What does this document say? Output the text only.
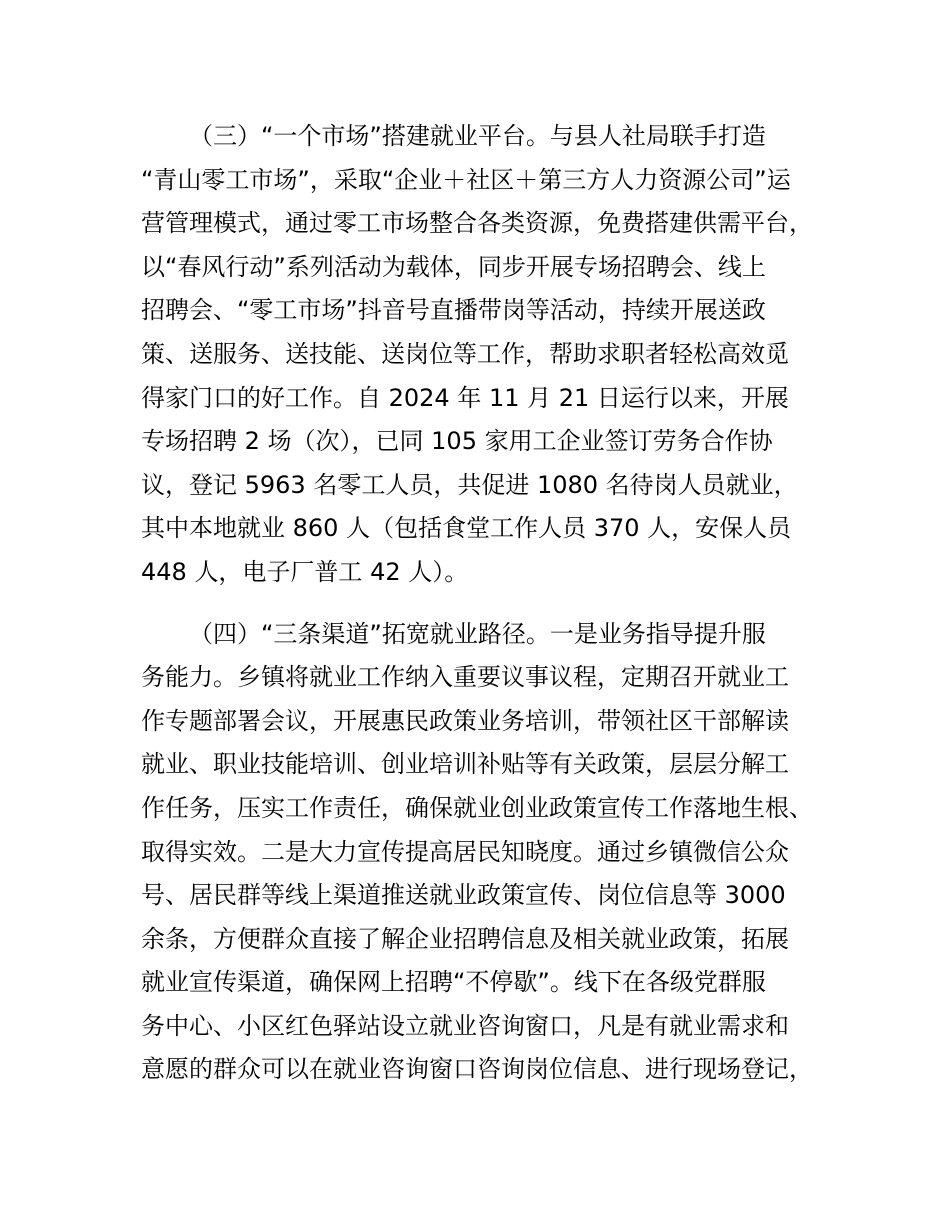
（三）“一个市场”搭建就业平台。与县人社局联手打造
“青山零工市场”，采取“企业＋社区＋第三方人力资源公司”运
营管理模式，通过零工市场整合各类资源，免费搭建供需平台，
以“春风行动”系列活动为载体，同步开展专场招聘会、线上
招聘会、“零工市场”抖音号直播带岗等活动，持续开展送政
策、送服务、送技能、送岗位等工作，帮助求职者轻松高效觅
得家门口的好工作。自 2024 年 11 月 21 日运行以来，开展
专场招聘 2 场（次），已同 105 家用工企业签订劳务合作协
议，登记 5963 名零工人员，共促进 1080 名待岗人员就业，
其中本地就业 860 人（包括食堂工作人员 370 人，安保人员
448 人，电子厂普工 42 人）。
（四）“三条渠道”拓宽就业路径。一是业务指导提升服
务能力。乡镇将就业工作纳入重要议事议程，定期召开就业工
作专题部署会议，开展惠民政策业务培训，带领社区干部解读
就业、职业技能培训、创业培训补贴等有关政策，层层分解工
作任务，压实工作责任，确保就业创业政策宣传工作落地生根、
取得实效。二是大力宣传提高居民知晓度。通过乡镇微信公众
号、居民群等线上渠道推送就业政策宣传、岗位信息等 3000
余条，方便群众直接了解企业招聘信息及相关就业政策，拓展
就业宣传渠道，确保网上招聘“不停歇”。线下在各级党群服
务中心、小区红色驿站设立就业咨询窗口，凡是有就业需求和
意愿的群众可以在就业咨询窗口咨询岗位信息、进行现场登记，
